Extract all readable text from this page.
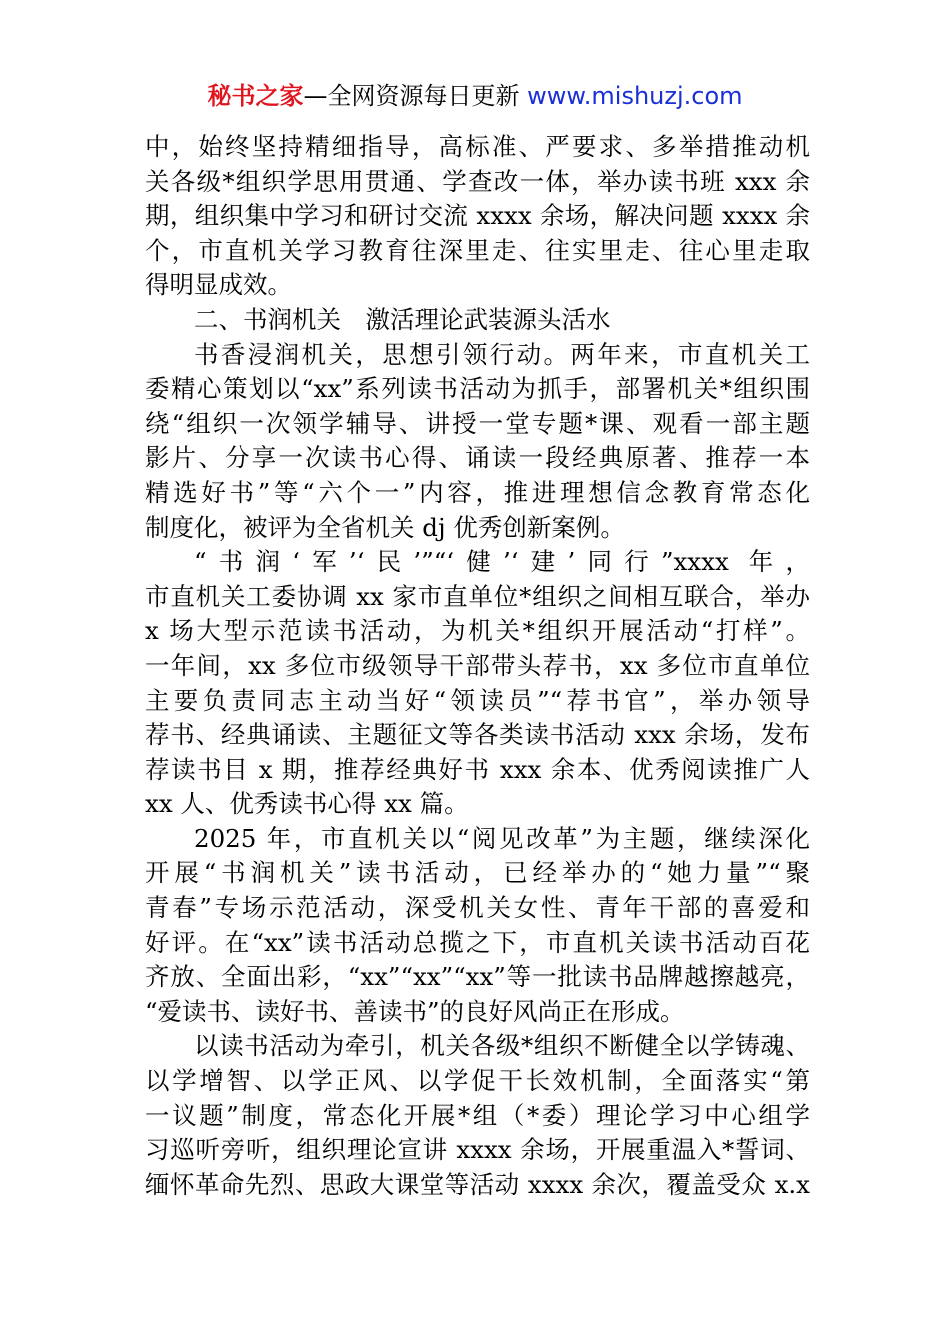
秘书之家—全网资源每日更新 www.mishuzj.com
中，始终坚持精细指导，高标准、严要求、多举措推动机
关各级*组织学思用贯通、学查改一体，举办读书班 xxx 余
期，组织集中学习和研讨交流 xxxx 余场，解决问题 xxxx 余
个，市直机关学习教育往深里走、往实里走、往心里走取
得明显成效。
二、书润机关　激活理论武装源头活水
书香浸润机关，思想引领行动。两年来，市直机关工
委精心策划以“xx”系列读书活动为抓手，部署机关*组织围
绕“组织一次领学辅导、讲授一堂专题*课、观看一部主题
影片、分享一次读书心得、诵读一段经典原著、推荐一本
精选好书”等“六个一”内容，推进理想信念教育常态化
制度化，被评为全省机关 dj 优秀创新案例。
“书润‘军’‘民’”“‘健’‘建’同行”xxxx 年，
市直机关工委协调 xx 家市直单位*组织之间相互联合，举办
x 场大型示范读书活动，为机关*组织开展活动“打样”。
一年间，xx 多位市级领导干部带头荐书，xx 多位市直单位
主要负责同志主动当好“领读员”“荐书官”，举办领导
荐书、经典诵读、主题征文等各类读书活动 xxx 余场，发布
荐读书目 x 期，推荐经典好书 xxx 余本、优秀阅读推广人
xx 人、优秀读书心得 xx 篇。
2025 年，市直机关以“阅见改革”为主题，继续深化
开展“书润机关”读书活动，已经举办的“她力量”“聚
青春”专场示范活动，深受机关女性、青年干部的喜爱和
好评。在“xx”读书活动总揽之下，市直机关读书活动百花
齐放、全面出彩，“xx”“xx”“xx”等一批读书品牌越擦越亮，
“爱读书、读好书、善读书”的良好风尚正在形成。
以读书活动为牵引，机关各级*组织不断健全以学铸魂、
以学增智、以学正风、以学促干长效机制，全面落实“第
一议题”制度，常态化开展*组（*委）理论学习中心组学
习巡听旁听，组织理论宣讲 xxxx 余场，开展重温入*誓词、
缅怀革命先烈、思政大课堂等活动 xxxx 余次，覆盖受众 x.x
